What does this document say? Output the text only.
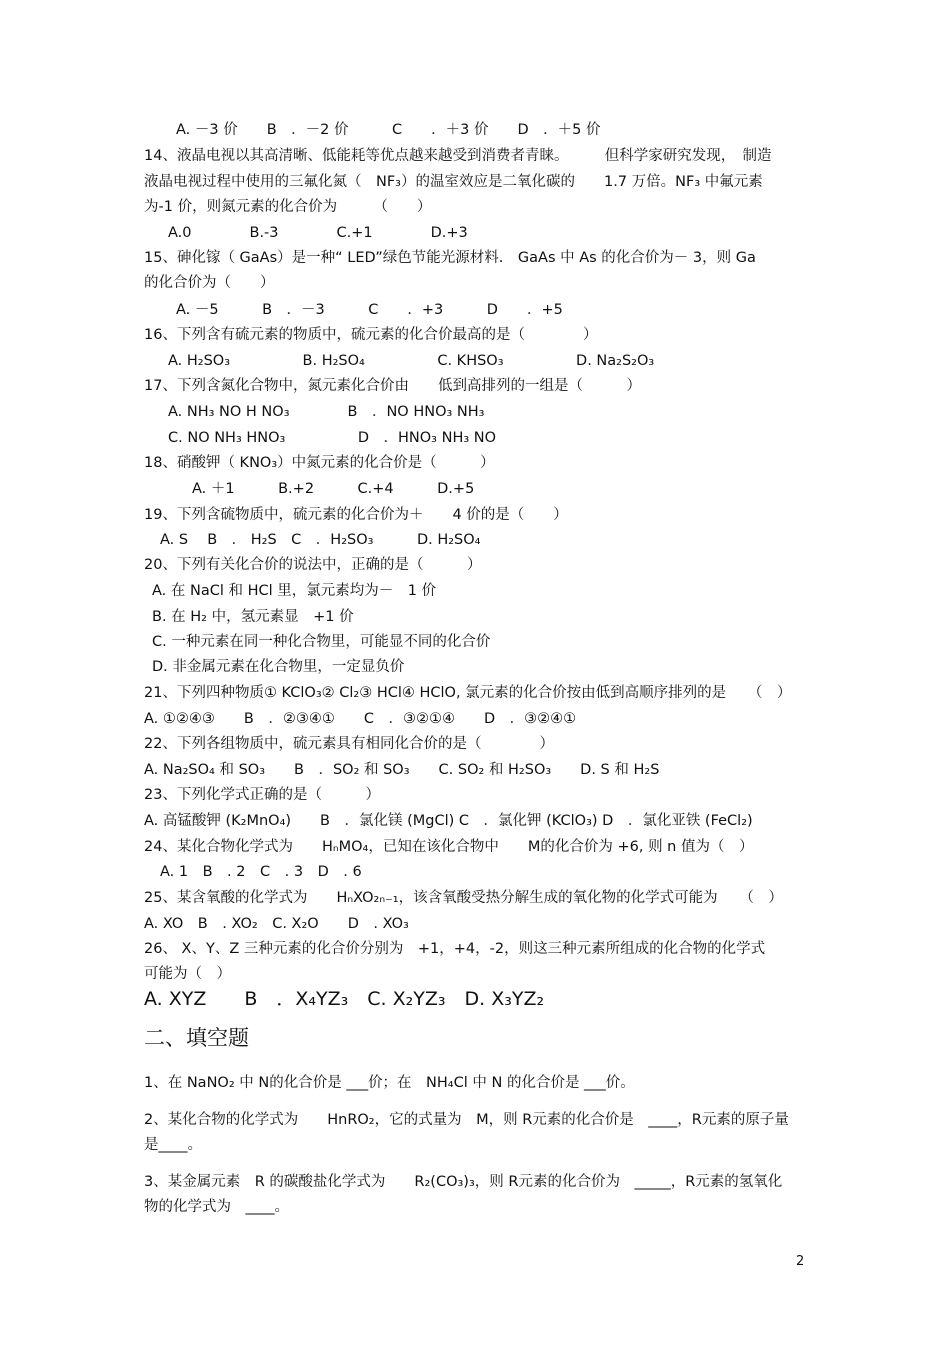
A. －3 价　　B　．－2 价　　　C　　．＋3 价　　D　．＋5 价
14、液晶电视以其高清晰、低能耗等优点越来越受到消费者青睐。　　　但科学家研究发现，　制造
液晶电视过程中使用的三氟化氮（　NF₃）的温室效应是二氧化碳的　　1.7 万倍。NF₃ 中氟元素
为-1 价，则氮元素的化合价为　　　（　　）
A.0　　　　B.-3　　　　C.+1　　　　D.+3
15、砷化镓（ GaAs）是一种“ LED”绿色节能光源材料.　GaAs 中 As 的化合价为－ 3，则 Ga
的化合价为（　　）
A. －5　　　B　．－3　　　C　　．+3　　　D　　．+5
16、下列含有硫元素的物质中，硫元素的化合价最高的是（　　　　）
A. H₂SO₃　　　　　B. H₂SO₄　　　　　C. KHSO₃　　　　　D. Na₂S₂O₃
17、下列含氮化合物中，氮元素化合价由　　低到高排列的一组是（　　　）
A. NH₃ NO H NO₃　　　　B　．NO HNO₃ NH₃
C. NO NH₃ HNO₃　　　　　D　．HNO₃ NH₃ NO
18、硝酸钾（ KNO₃）中氮元素的化合价是（　　　）
A. ＋1　　　B.+2　　　C.+4　　　D.+5
19、下列含硫物质中，硫元素的化合价为＋　　4 价的是（　　）
A. S　 B　． H₂S　C　．H₂SO₃　　　D. H₂SO₄
20、下列有关化合价的说法中，正确的是（　　　）
A. 在 NaCl 和 HCl 里，氯元素均为－　1 价
B. 在 H₂ 中，氢元素显　+1 价
C. 一种元素在同一种化合物里，可能显不同的化合价
D. 非金属元素在化合物里，一定显负价
21、下列四种物质① KClO₃② Cl₂③ HCl④ HClO, 氯元素的化合价按由低到高顺序排列的是　　（　）
A. ①②④③　　B　．②③④①　　C　．③②①④　　D　．③②④①
22、下列各组物质中，硫元素具有相同化合价的是（　　　　）
A. Na₂SO₄ 和 SO₃　　B　．SO₂ 和 SO₃　　C. SO₂ 和 H₂SO₃　　D. S 和 H₂S
23、下列化学式正确的是（　　　）
A. 高锰酸钾 (K₂MnO₄)　　B　．氯化镁 (MgCl) C　．氯化钾 (KClO₃) D　．氯化亚铁 (FeCl₂)
24、某化合物化学式为　　HₙMO₄，已知在该化合物中　　M的化合价为 +6, 则 n 值为（　）
A. 1　B　. 2　C　. 3　D　. 6
25、某含氧酸的化学式为　　HₙXO₂ₙ₋₁，该含氧酸受热分解生成的氧化物的化学式可能为　　（　）
A. XO　B　. XO₂　C. X₂O　　D　. XO₃
26、 X、Y、Z 三种元素的化合价分别为　+1，+4，-2，则这三种元素所组成的化合物的化学式
可能为（　）
A. XYZ　　B　．X₄YZ₃　C. X₂YZ₃　D. X₃YZ₂
二、填空题
1、在 NaNO₂ 中 N的化合价是 ___价；在　NH₄Cl 中 N 的化合价是 ___价。
2、某化合物的化学式为　　HnRO₂，它的式量为　M，则 R元素的化合价是　____，R元素的原子量
是____。
3、某金属元素　R 的碳酸盐化学式为　　R₂(CO₃)₃，则 R元素的化合价为　_____，R元素的氢氧化
物的化学式为　____。
2
